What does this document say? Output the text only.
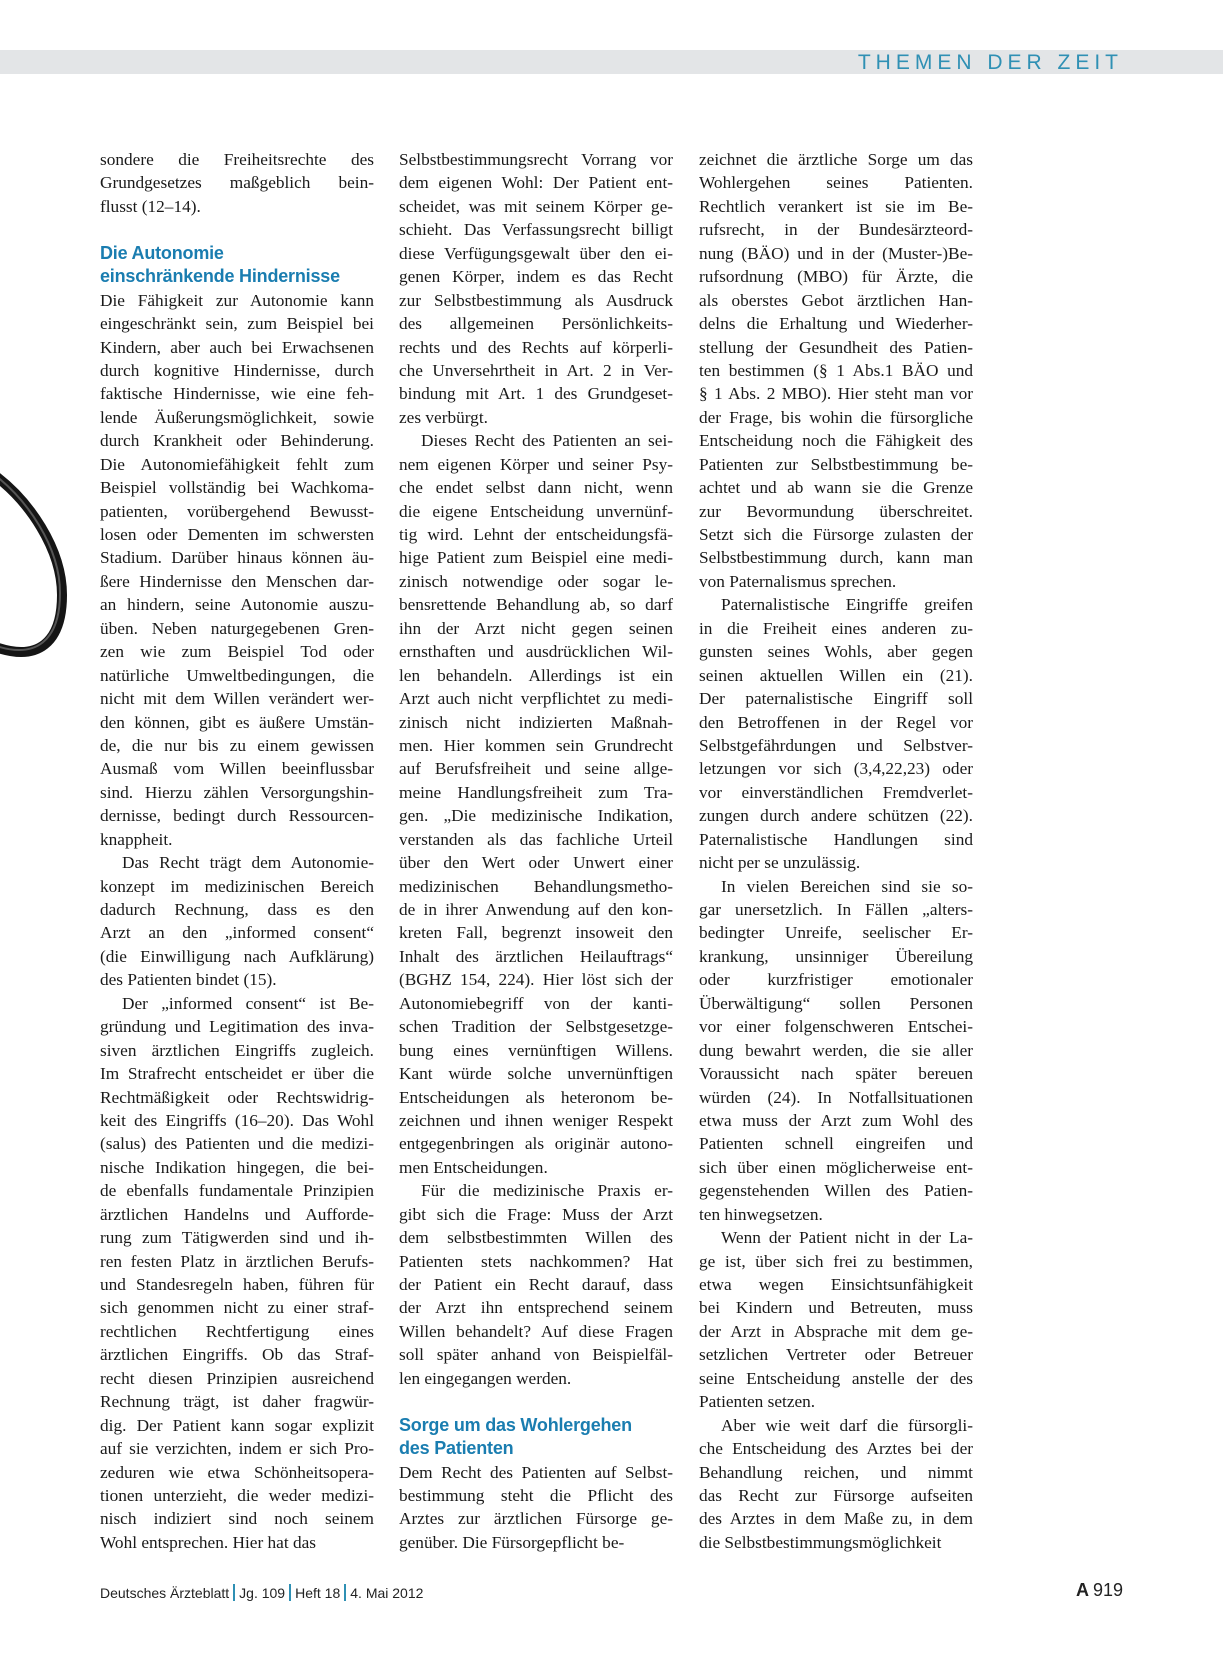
THEMEN DER ZEIT
sondere die Freiheitsrechte des
Grundgesetzes maßgeblich bein-
flusst (12–14).
Die Autonomie
einschränkende Hindernisse
Die Fähigkeit zur Autonomie kann
eingeschränkt sein, zum Beispiel bei
Kindern, aber auch bei Erwachsenen
durch kognitive Hindernisse, durch
faktische Hindernisse, wie eine feh-
lende Äußerungsmöglichkeit, sowie
durch Krankheit oder Behinderung.
Die Autonomiefähigkeit fehlt zum
Beispiel vollständig bei Wachkoma-
patienten, vorübergehend Bewusst-
losen oder Dementen im schwersten
Stadium. Darüber hinaus können äu-
ßere Hindernisse den Menschen dar-
an hindern, seine Autonomie auszu-
üben. Neben naturgegebenen Gren-
zen wie zum Beispiel Tod oder
natürliche Umweltbedingungen, die
nicht mit dem Willen verändert wer-
den können, gibt es äußere Umstän-
de, die nur bis zu einem gewissen
Ausmaß vom Willen beeinflussbar
sind. Hierzu zählen Versorgungshin-
dernisse, bedingt durch Ressourcen-
knappheit.
Das Recht trägt dem Autonomie-
konzept im medizinischen Bereich
dadurch Rechnung, dass es den
Arzt an den „informed consent“
(die Einwilligung nach Aufklärung)
des Patienten bindet (15).
Der „informed consent“ ist Be-
gründung und Legitimation des inva-
siven ärztlichen Eingriffs zugleich.
Im Strafrecht entscheidet er über die
Rechtmäßigkeit oder Rechtswidrig-
keit des Eingriffs (16–20). Das Wohl
(salus) des Patienten und die medizi-
nische Indikation hingegen, die bei-
de ebenfalls fundamentale Prinzipien
ärztlichen Handelns und Aufforde-
rung zum Tätigwerden sind und ih-
ren festen Platz in ärztlichen Berufs-
und Standesregeln haben, führen für
sich genommen nicht zu einer straf-
rechtlichen Rechtfertigung eines
ärztlichen Eingriffs. Ob das Straf-
recht diesen Prinzipien ausreichend
Rechnung trägt, ist daher fragwür-
dig. Der Patient kann sogar explizit
auf sie verzichten, indem er sich Pro-
zeduren wie etwa Schönheitsopera-
tionen unterzieht, die weder medizi-
nisch indiziert sind noch seinem
Wohl entsprechen. Hier hat das
Selbstbestimmungsrecht Vorrang vor
dem eigenen Wohl: Der Patient ent-
scheidet, was mit seinem Körper ge-
schieht. Das Verfassungsrecht billigt
diese Verfügungsgewalt über den ei-
genen Körper, indem es das Recht
zur Selbstbestimmung als Ausdruck
des allgemeinen Persönlichkeits-
rechts und des Rechts auf körperli-
che Unversehrtheit in Art. 2 in Ver-
bindung mit Art. 1 des Grundgeset-
zes verbürgt.
Dieses Recht des Patienten an sei-
nem eigenen Körper und seiner Psy-
che endet selbst dann nicht, wenn
die eigene Entscheidung unvernünf-
tig wird. Lehnt der entscheidungsfä-
hige Patient zum Beispiel eine medi-
zinisch notwendige oder sogar le-
bensrettende Behandlung ab, so darf
ihn der Arzt nicht gegen seinen
ernsthaften und ausdrücklichen Wil-
len behandeln. Allerdings ist ein
Arzt auch nicht verpflichtet zu medi-
zinisch nicht indizierten Maßnah-
men. Hier kommen sein Grundrecht
auf Berufsfreiheit und seine allge-
meine Handlungsfreiheit zum Tra-
gen. „Die medizinische Indikation,
verstanden als das fachliche Urteil
über den Wert oder Unwert einer
medizinischen Behandlungsmetho-
de in ihrer Anwendung auf den kon-
kreten Fall, begrenzt insoweit den
Inhalt des ärztlichen Heilauftrags“
(BGHZ 154, 224). Hier löst sich der
Autonomiebegriff von der kanti-
schen Tradition der Selbstgesetzge-
bung eines vernünftigen Willens.
Kant würde solche unvernünftigen
Entscheidungen als heteronom be-
zeichnen und ihnen weniger Respekt
entgegenbringen als originär autono-
men Entscheidungen.
Für die medizinische Praxis er-
gibt sich die Frage: Muss der Arzt
dem selbstbestimmten Willen des
Patienten stets nachkommen? Hat
der Patient ein Recht darauf, dass
der Arzt ihn entsprechend seinem
Willen behandelt? Auf diese Fragen
soll später anhand von Beispielfäl-
len eingegangen werden.
Sorge um das Wohlergehen
des Patienten
Dem Recht des Patienten auf Selbst-
bestimmung steht die Pflicht des
Arztes zur ärztlichen Fürsorge ge-
genüber. Die Fürsorgepflicht be-
zeichnet die ärztliche Sorge um das
Wohlergehen seines Patienten.
Rechtlich verankert ist sie im Be-
rufsrecht, in der Bundesärzteord-
nung (BÄO) und in der (Muster-)Be-
rufsordnung (MBO) für Ärzte, die
als oberstes Gebot ärztlichen Han-
delns die Erhaltung und Wiederher-
stellung der Gesundheit des Patien-
ten bestimmen (§ 1 Abs.1 BÄO und
§ 1 Abs. 2 MBO). Hier steht man vor
der Frage, bis wohin die fürsorgliche
Entscheidung noch die Fähigkeit des
Patienten zur Selbstbestimmung be-
achtet und ab wann sie die Grenze
zur Bevormundung überschreitet.
Setzt sich die Fürsorge zulasten der
Selbstbestimmung durch, kann man
von Paternalismus sprechen.
Paternalistische Eingriffe greifen
in die Freiheit eines anderen zu-
gunsten seines Wohls, aber gegen
seinen aktuellen Willen ein (21).
Der paternalistische Eingriff soll
den Betroffenen in der Regel vor
Selbstgefährdungen und Selbstver-
letzungen vor sich (3,4,22,23) oder
vor einverständlichen Fremdverlet-
zungen durch andere schützen (22).
Paternalistische Handlungen sind
nicht per se unzulässig.
In vielen Bereichen sind sie so-
gar unersetzlich. In Fällen „alters-
bedingter Unreife, seelischer Er-
krankung, unsinniger Übereilung
oder kurzfristiger emotionaler
Überwältigung“ sollen Personen
vor einer folgenschweren Entschei-
dung bewahrt werden, die sie aller
Voraussicht nach später bereuen
würden (24). In Notfallsituationen
etwa muss der Arzt zum Wohl des
Patienten schnell eingreifen und
sich über einen möglicherweise ent-
gegenstehenden Willen des Patien-
ten hinwegsetzen.
Wenn der Patient nicht in der La-
ge ist, über sich frei zu bestimmen,
etwa wegen Einsichtsunfähigkeit
bei Kindern und Betreuten, muss
der Arzt in Absprache mit dem ge-
setzlichen Vertreter oder Betreuer
seine Entscheidung anstelle der des
Patienten setzen.
Aber wie weit darf die fürsorgli-
che Entscheidung des Arztes bei der
Behandlung reichen, und nimmt
das Recht zur Fürsorge aufseiten
des Arztes in dem Maße zu, in dem
die Selbstbestimmungsmöglichkeit
Deutsches Ärzteblatt Jg. 109 Heft 18 4. Mai 2012	A 919
